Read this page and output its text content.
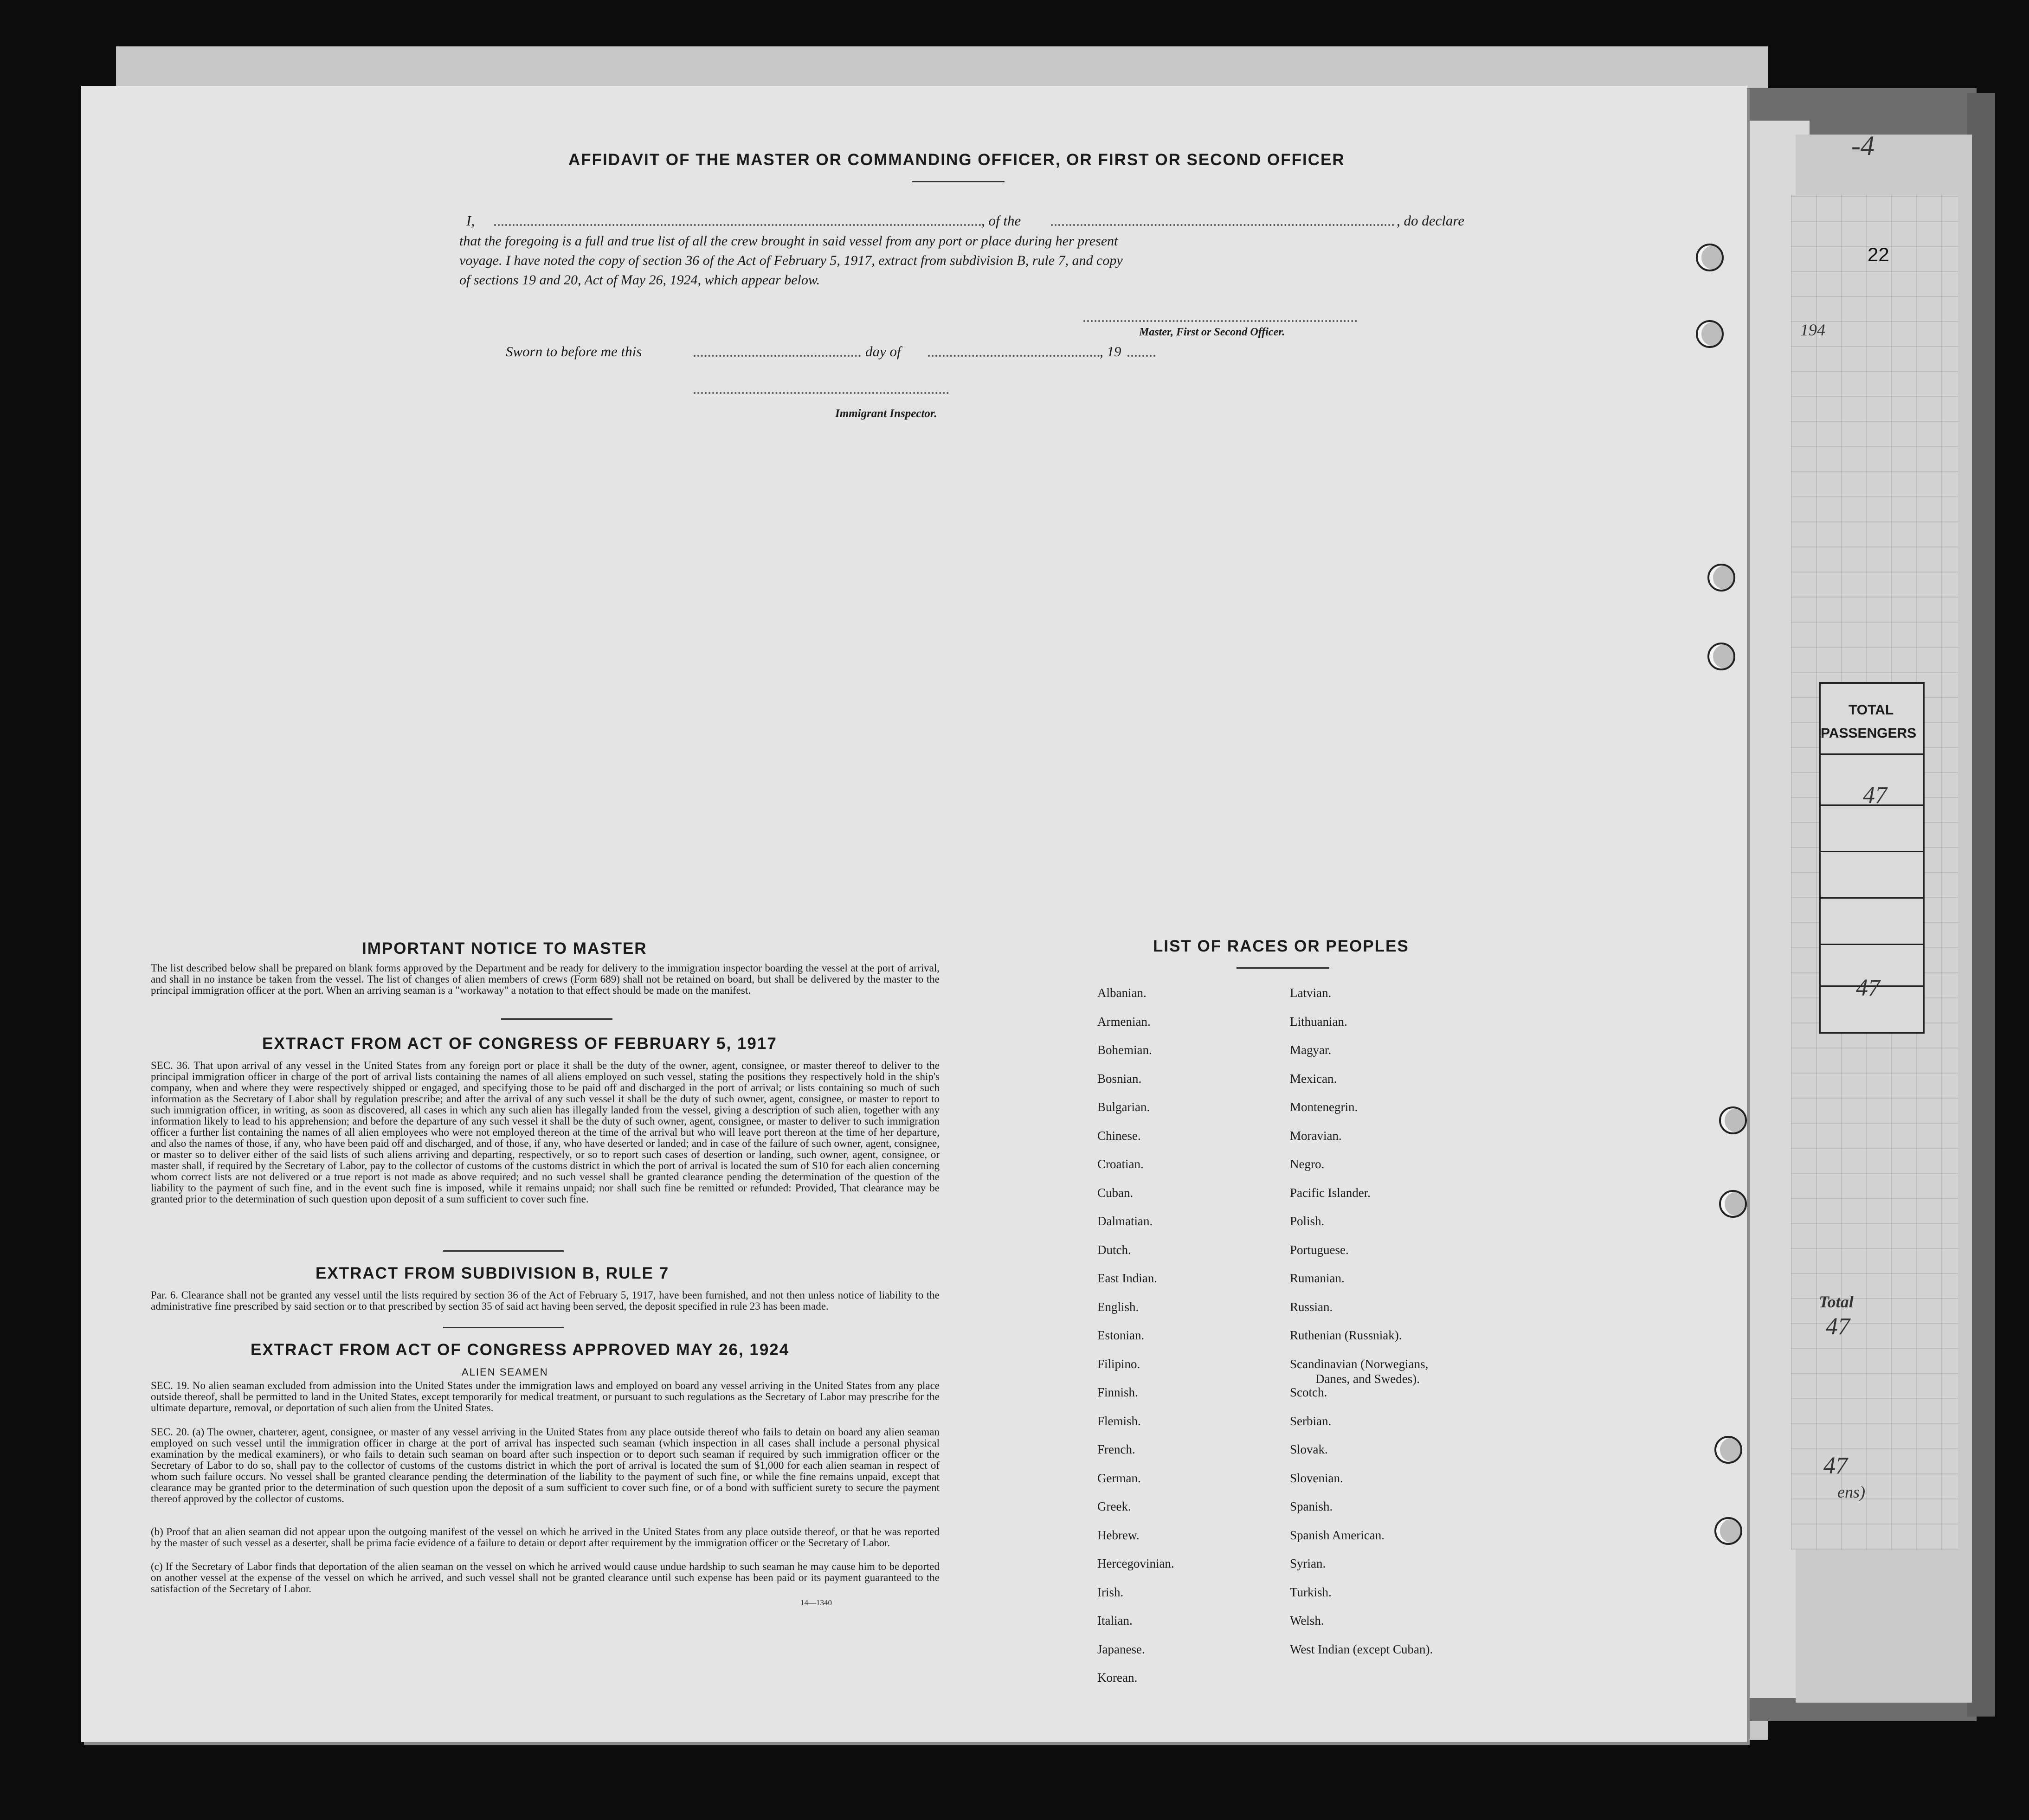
-4
22
194
TOTAL
PASSENGERS
47
47
Total
47
47
ens)
AFFIDAVIT OF THE MASTER OR COMMANDING OFFICER, OR FIRST OR SECOND OFFICER
I,	, of the	, do declare
that the foregoing is a full and true list of all the crew brought in said vessel from any port or place during her present
voyage. I have noted the copy of section 36 of the Act of February 5, 1917, extract from subdivision B, rule 7, and copy
of sections 19 and 20, Act of May 26, 1924, which appear below.
Master, First or Second Officer.
Sworn to before me this	day of	, 19
Immigrant Inspector.
IMPORTANT NOTICE TO MASTER
The list described below shall be prepared on blank forms approved by the Department and be ready for delivery to the immigration inspector boarding the vessel at the port of arrival, and shall in no instance be taken from the vessel. The list of changes of alien members of crews (Form 689) shall not be retained on board, but shall be delivered by the master to the principal immigration officer at the port. When an arriving seaman is a "workaway" a notation to that effect should be made on the manifest.
EXTRACT FROM ACT OF CONGRESS OF FEBRUARY 5, 1917
SEC. 36. That upon arrival of any vessel in the United States from any foreign port or place it shall be the duty of the owner, agent, consignee, or master thereof to deliver to the principal immigration officer in charge of the port of arrival lists containing the names of all aliens employed on such vessel, stating the positions they respectively hold in the ship's company, when and where they were respectively shipped or engaged, and specifying those to be paid off and discharged in the port of arrival; or lists containing so much of such information as the Secretary of Labor shall by regulation prescribe; and after the arrival of any such vessel it shall be the duty of such owner, agent, consignee, or master to report to such immigration officer, in writing, as soon as discovered, all cases in which any such alien has illegally landed from the vessel, giving a description of such alien, together with any information likely to lead to his apprehension; and before the departure of any such vessel it shall be the duty of such owner, agent, consignee, or master to deliver to such immigration officer a further list containing the names of all alien employees who were not employed thereon at the time of the arrival but who will leave port thereon at the time of her departure, and also the names of those, if any, who have been paid off and discharged, and of those, if any, who have deserted or landed; and in case of the failure of such owner, agent, consignee, or master so to deliver either of the said lists of such aliens arriving and departing, respectively, or so to report such cases of desertion or landing, such owner, agent, consignee, or master shall, if required by the Secretary of Labor, pay to the collector of customs of the customs district in which the port of arrival is located the sum of $10 for each alien concerning whom correct lists are not delivered or a true report is not made as above required; and no such vessel shall be granted clearance pending the determination of the question of the liability to the payment of such fine, and in the event such fine is imposed, while it remains unpaid; nor shall such fine be remitted or refunded: Provided, That clearance may be granted prior to the determination of such question upon deposit of a sum sufficient to cover such fine.
EXTRACT FROM SUBDIVISION B, RULE 7
Par. 6. Clearance shall not be granted any vessel until the lists required by section 36 of the Act of February 5, 1917, have been furnished, and not then unless notice of liability to the administrative fine prescribed by said section or to that prescribed by section 35 of said act having been served, the deposit specified in rule 23 has been made.
EXTRACT FROM ACT OF CONGRESS APPROVED MAY 26, 1924
ALIEN SEAMEN
SEC. 19. No alien seaman excluded from admission into the United States under the immigration laws and employed on board any vessel arriving in the United States from any place outside thereof, shall be permitted to land in the United States, except temporarily for medical treatment, or pursuant to such regulations as the Secretary of Labor may prescribe for the ultimate departure, removal, or deportation of such alien from the United States.
SEC. 20. (a) The owner, charterer, agent, consignee, or master of any vessel arriving in the United States from any place outside thereof who fails to detain on board any alien seaman employed on such vessel until the immigration officer in charge at the port of arrival has inspected such seaman (which inspection in all cases shall include a personal physical examination by the medical examiners), or who fails to detain such seaman on board after such inspection or to deport such seaman if required by such immigration officer or the Secretary of Labor to do so, shall pay to the collector of customs of the customs district in which the port of arrival is located the sum of $1,000 for each alien seaman in respect of whom such failure occurs. No vessel shall be granted clearance pending the determination of the liability to the payment of such fine, or while the fine remains unpaid, except that clearance may be granted prior to the determination of such question upon the deposit of a sum sufficient to cover such fine, or of a bond with sufficient surety to secure the payment thereof approved by the collector of customs.
(b) Proof that an alien seaman did not appear upon the outgoing manifest of the vessel on which he arrived in the United States from any place outside thereof, or that he was reported by the master of such vessel as a deserter, shall be prima facie evidence of a failure to detain or deport after requirement by the immigration officer or the Secretary of Labor.
(c) If the Secretary of Labor finds that deportation of the alien seaman on the vessel on which he arrived would cause undue hardship to such seaman he may cause him to be deported on another vessel at the expense of the vessel on which he arrived, and such vessel shall not be granted clearance until such expense has been paid or its payment guaranteed to the satisfaction of the Secretary of Labor.
14—1340
LIST OF RACES OR PEOPLES
Albanian.
Armenian.
Bohemian.
Bosnian.
Bulgarian.
Chinese.
Croatian.
Cuban.
Dalmatian.
Dutch.
East Indian.
English.
Estonian.
Filipino.
Finnish.
Flemish.
French.
German.
Greek.
Hebrew.
Hercegovinian.
Irish.
Italian.
Japanese.
Korean.
Latvian.
Lithuanian.
Magyar.
Mexican.
Montenegrin.
Moravian.
Negro.
Pacific Islander.
Polish.
Portuguese.
Rumanian.
Russian.
Ruthenian (Russniak).
Scandinavian (Norwegians,
Danes, and Swedes).
Scotch.
Serbian.
Slovak.
Slovenian.
Spanish.
Spanish American.
Syrian.
Turkish.
Welsh.
West Indian (except Cuban).
